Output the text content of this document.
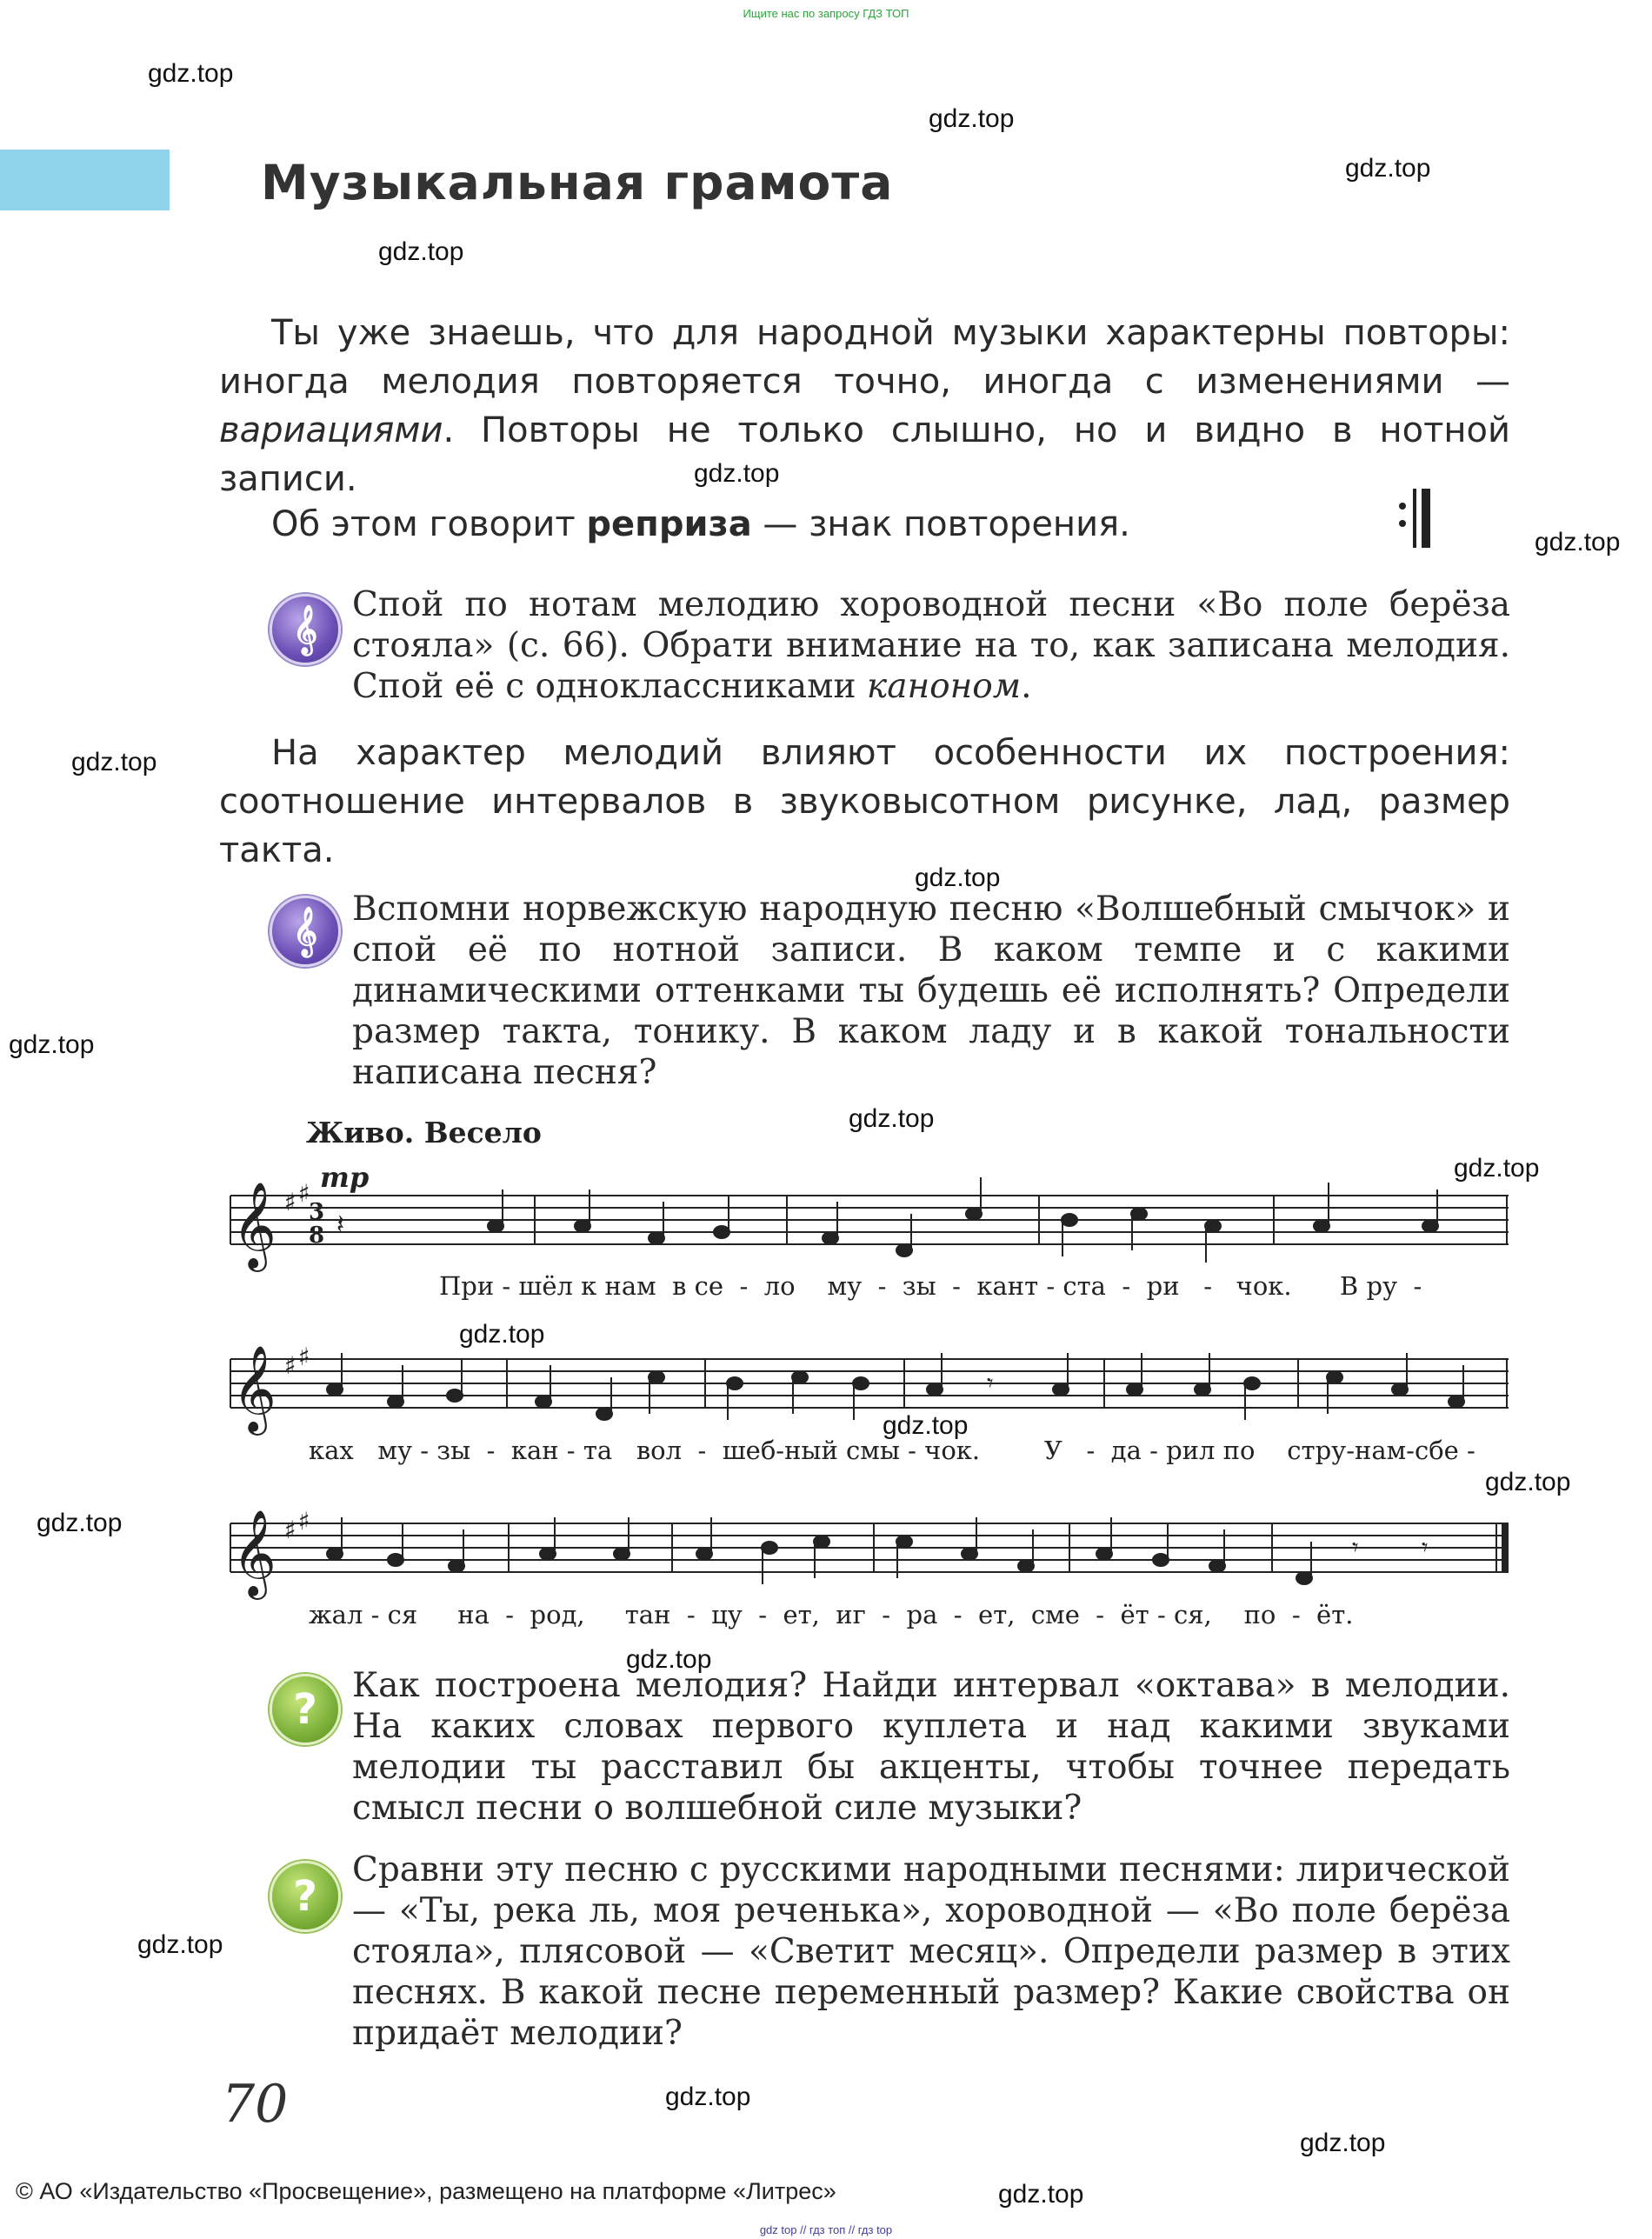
Ищите нас по запросу ГДЗ ТОП
gdz.top
gdz.top
gdz.top
gdz.top
gdz.top
gdz.top
gdz.top
gdz.top
gdz.top
gdz.top
gdz.top
gdz.top
gdz.top
gdz.top
gdz.top
gdz.top
gdz.top
gdz.top
gdz.top
gdz.top
Музыкальная грамота
Ты уже знаешь, что для народной музыки характерны повторы: иногда мелодия повторяется точно, иногда с изменениями — вариациями. Повторы не только слышно, но и видно в нотной записи.
Об этом говорит реприза — знак повторения.
𝄞
Спой по нотам мелодию хороводной песни «Во поле берёза стояла» (с. 66). Обрати внимание на то, как записана мелодия. Спой её с одноклассниками каноном.
На характер мелодий влияют особенности их построения: соотношение интервалов в звуковысотном рисунке, лад, размер такта.
𝄞	Вспомни норвежскую народную песню «Волшебный смычок» и спой её по нотной записи. В каком темпе и с какими динамическими оттенками ты будешь её исполнять? Определи размер такта, тонику. В каком ладу и в какой тональности написана песня?
Живо. Весело
𝄞 ♯ ♯
3
8
mp
𝄽
При - шёл к нам  в се  -  ло    му  -  зы  -  кант - ста  -  ри   -   чок.      В ру  -
𝄞 ♯ ♯
𝄾
ках   му - зы  -  кан - та   вол  -  шеб-ный смы - чок.        У   -  да - рил по    стру-нам-сбе -
𝄞 ♯ ♯
𝄾	𝄾
жал - ся     на  -  род,     тан  -  цу  -  ет,  иг  -  ра  -  ет,  сме  -  ёт - ся,    по  -  ёт.
?	Как построена мелодия? Найди интервал «октава» в мелодии. На каких словах первого куплета и над какими звуками мелодии ты расставил бы акценты, чтобы точнее передать смысл песни о волшебной силе музыки?
?
Сравни эту песню с русскими народными песнями: лирической — «Ты, река ль, моя реченька», хороводной — «Во поле берёза стояла», плясовой — «Светит месяц». Определи размер в этих песнях. В какой песне переменный размер? Какие свойства он придаёт мелодии?
70
© АО «Издательство «Просвещение», размещено на платформе «Литрес»
gdz top // гдз топ // гдз top
